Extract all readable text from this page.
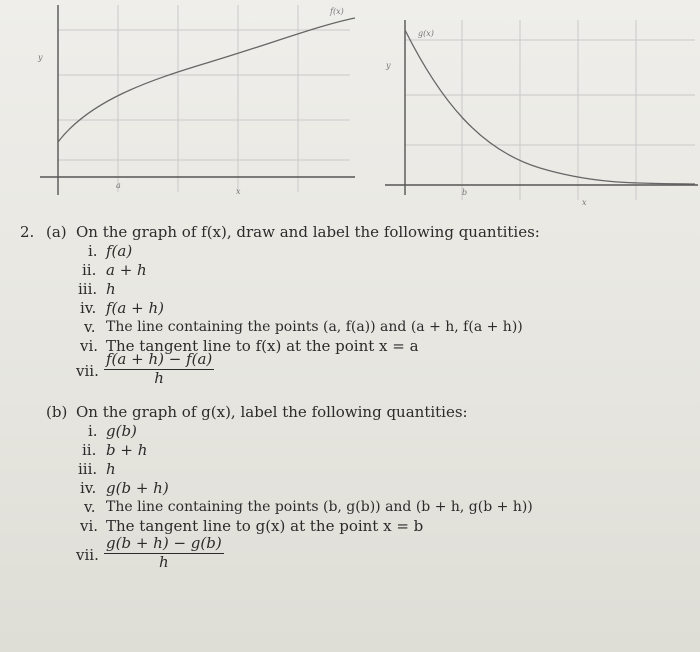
f(x)
y
a
x
g(x)
y
b
x
2. (a) On the graph of f(x), draw and label the following quantities:
i. f(a)
ii. a + h
iii. h
iv. f(a + h)
v. The line containing the points (a, f(a)) and (a + h, f(a + h))
vi. The tangent line to f(x) at the point x = a
vii. $\frac{f(a + h) - f(a)}{h}$
(b) On the graph of g(x), label the following quantities:
i. g(b)
ii. b + h
iii. h
iv. g(b + h)
v. The line containing the points (b, g(b)) and (b + h, g(b + h))
vi. The tangent line to g(x) at the point x = b
vii. $\frac{g(b + h) - g(b)}{h}$
